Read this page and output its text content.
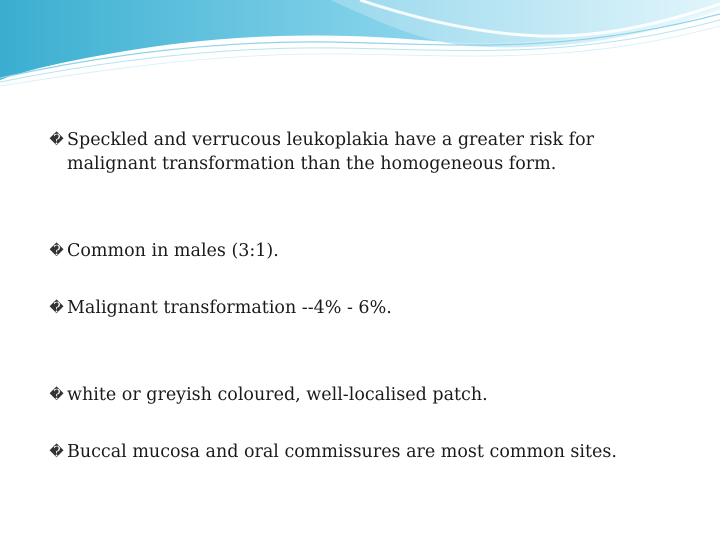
� Speckled and verrucous leukoplakia have a greater risk for malignant transformation than the homogeneous form.
� Common in males (3:1).
� Malignant transformation --4% - 6%.
� white or greyish coloured, well-localised patch.
� Buccal mucosa and oral commissures are most common sites.
